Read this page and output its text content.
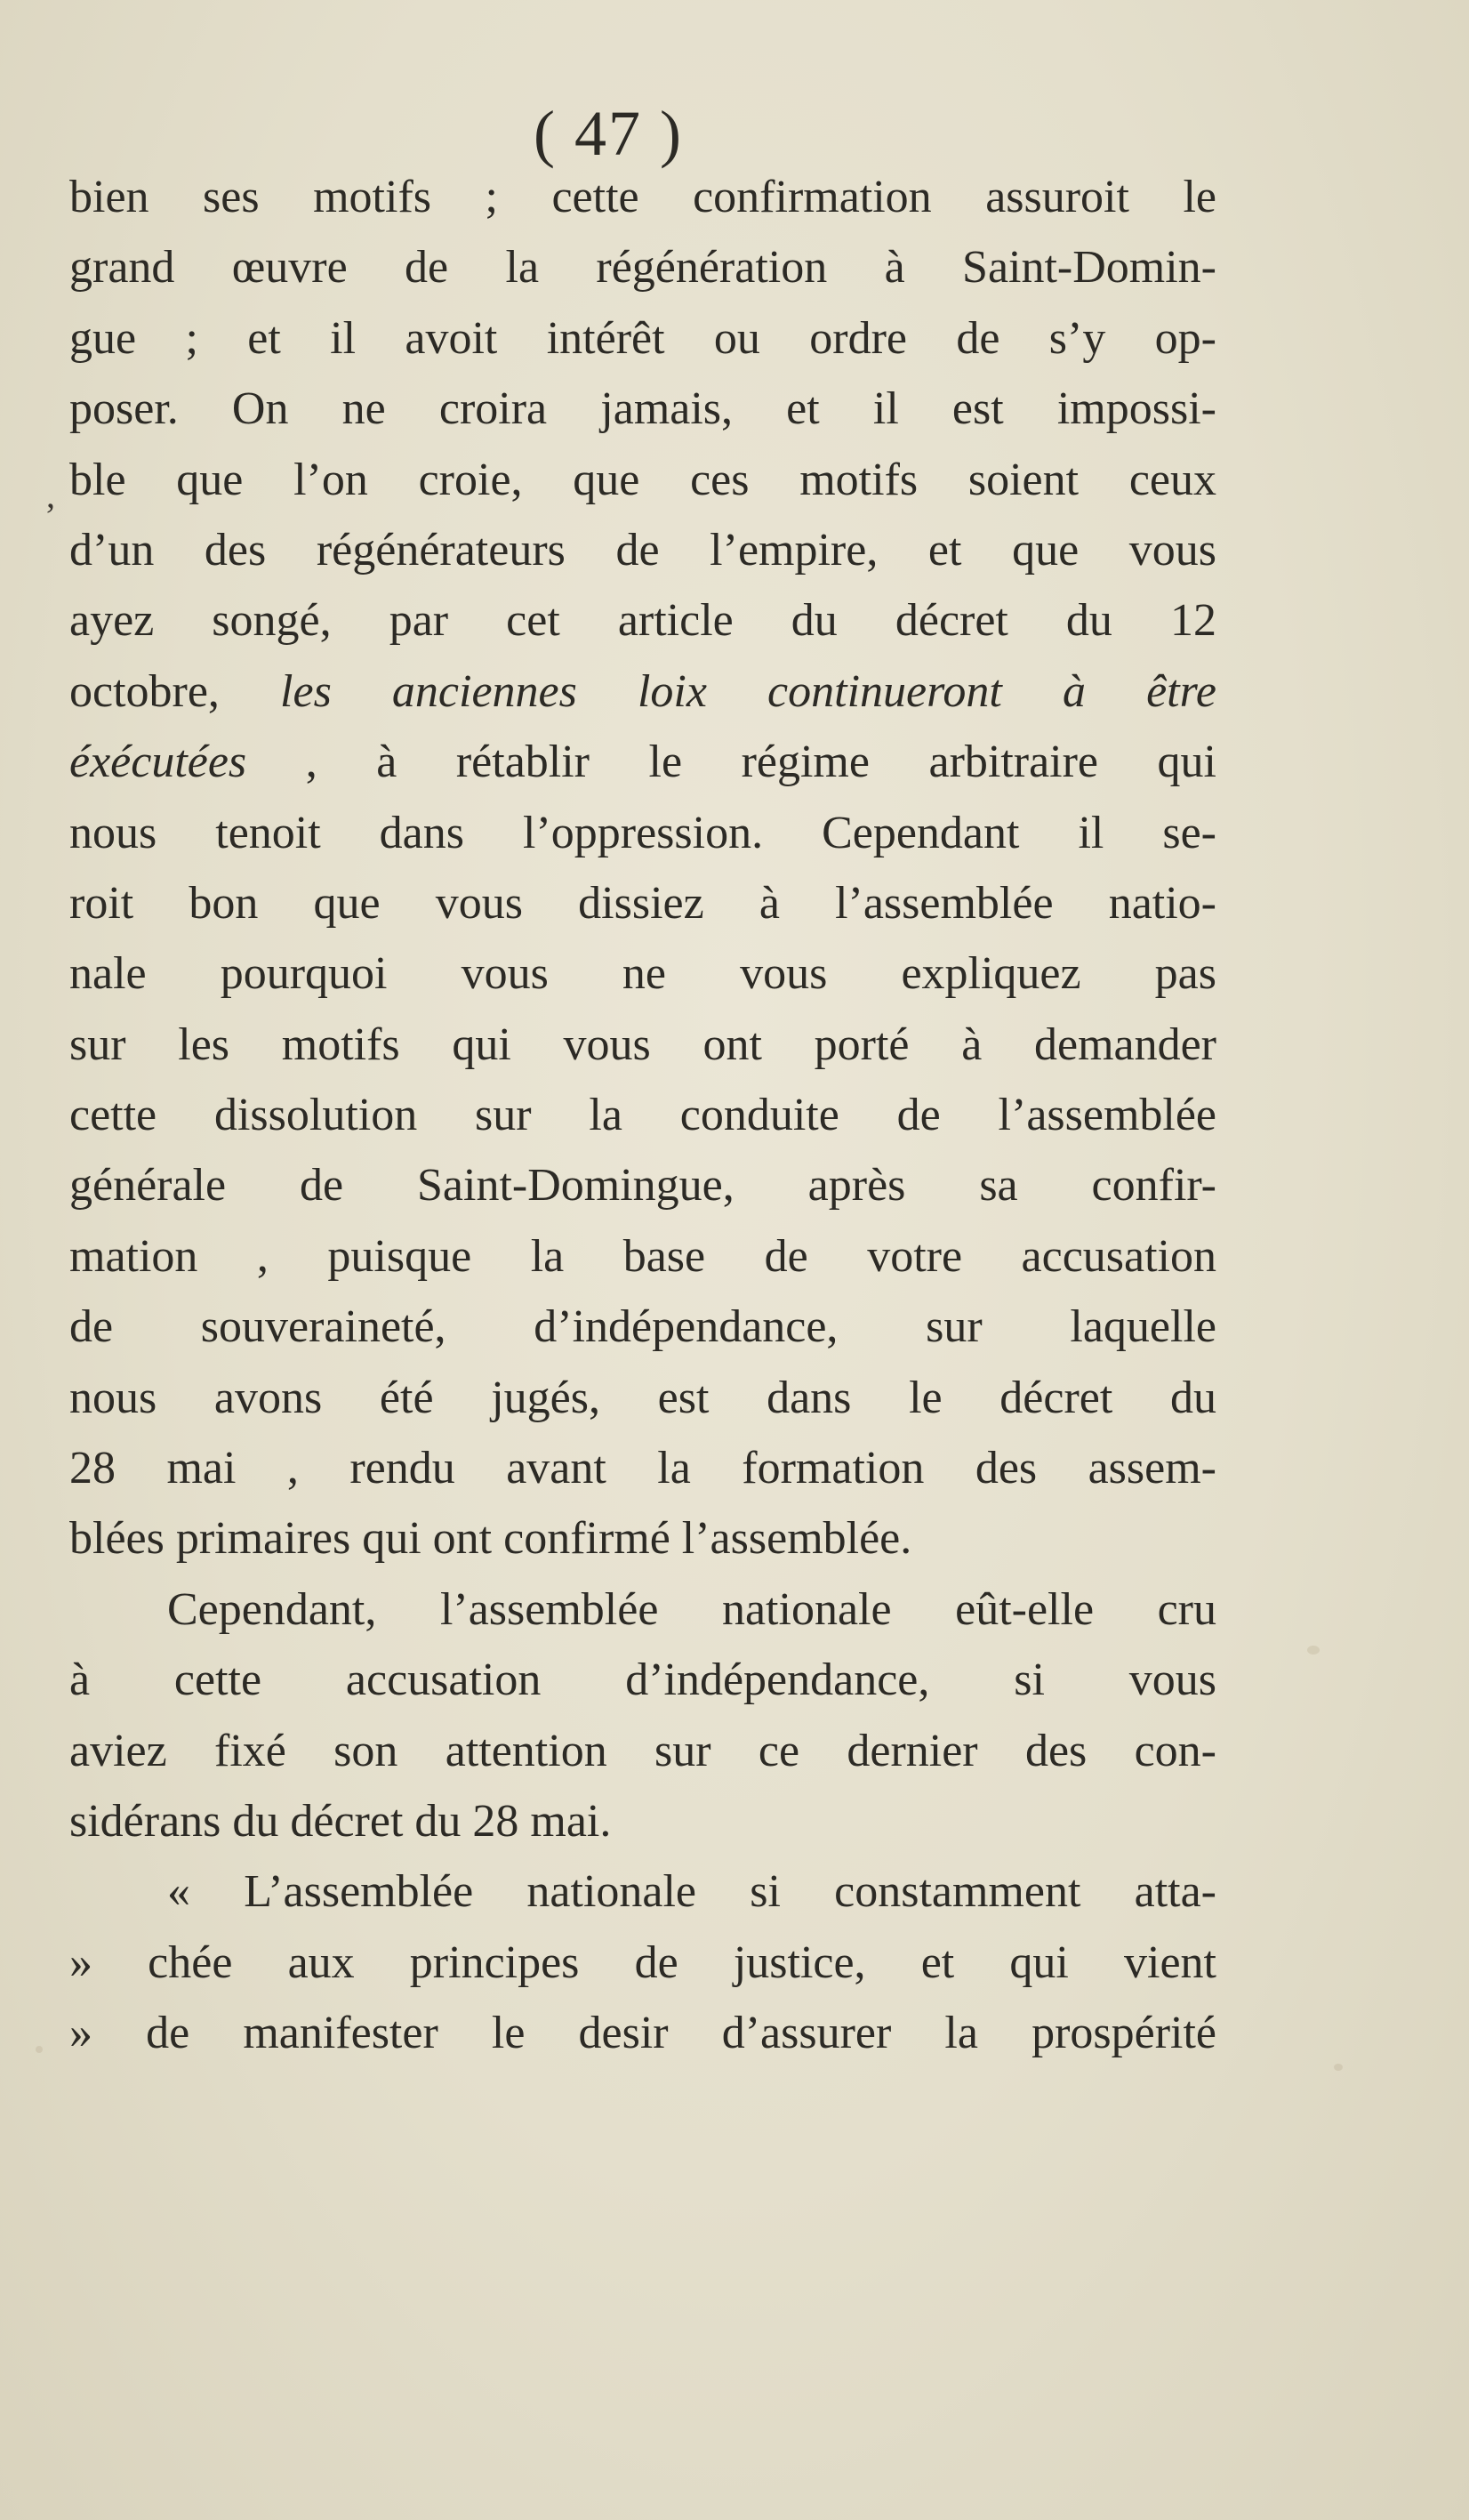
( 47 )
bien ses motifs ; cette confirmation assuroit le
grand œuvre de la régénération à Saint-Domin-
gue ; et il avoit intérêt ou ordre de s’y op-
poser. On ne croira jamais, et il est impossi-
ble que l’on croie, que ces motifs soient ceux
d’un des régénérateurs de l’empire, et que vous
ayez songé, par cet article du décret du 12
octobre, les anciennes loix continueront à être
éxécutées , à rétablir le régime arbitraire qui
nous tenoit dans l’oppression. Cependant il se-
roit bon que vous dissiez à l’assemblée natio-
nale pourquoi vous ne vous expliquez pas
sur les motifs qui vous ont porté à demander
cette dissolution sur la conduite de l’assemblée
générale de Saint-Domingue, après sa confir-
mation , puisque la base de votre accusation
de souveraineté, d’indépendance, sur laquelle
nous avons été jugés, est dans le décret du
28 mai , rendu avant la formation des assem-
blées primaires qui ont confirmé l’assemblée.
Cependant, l’assemblée nationale eût-elle cru
à cette accusation d’indépendance, si vous
aviez fixé son attention sur ce dernier des con-
sidérans du décret du 28 mai.
« L’assemblée nationale si constamment atta-
» chée aux principes de justice, et qui vient
» de manifester le desir d’assurer la prospérité
’
